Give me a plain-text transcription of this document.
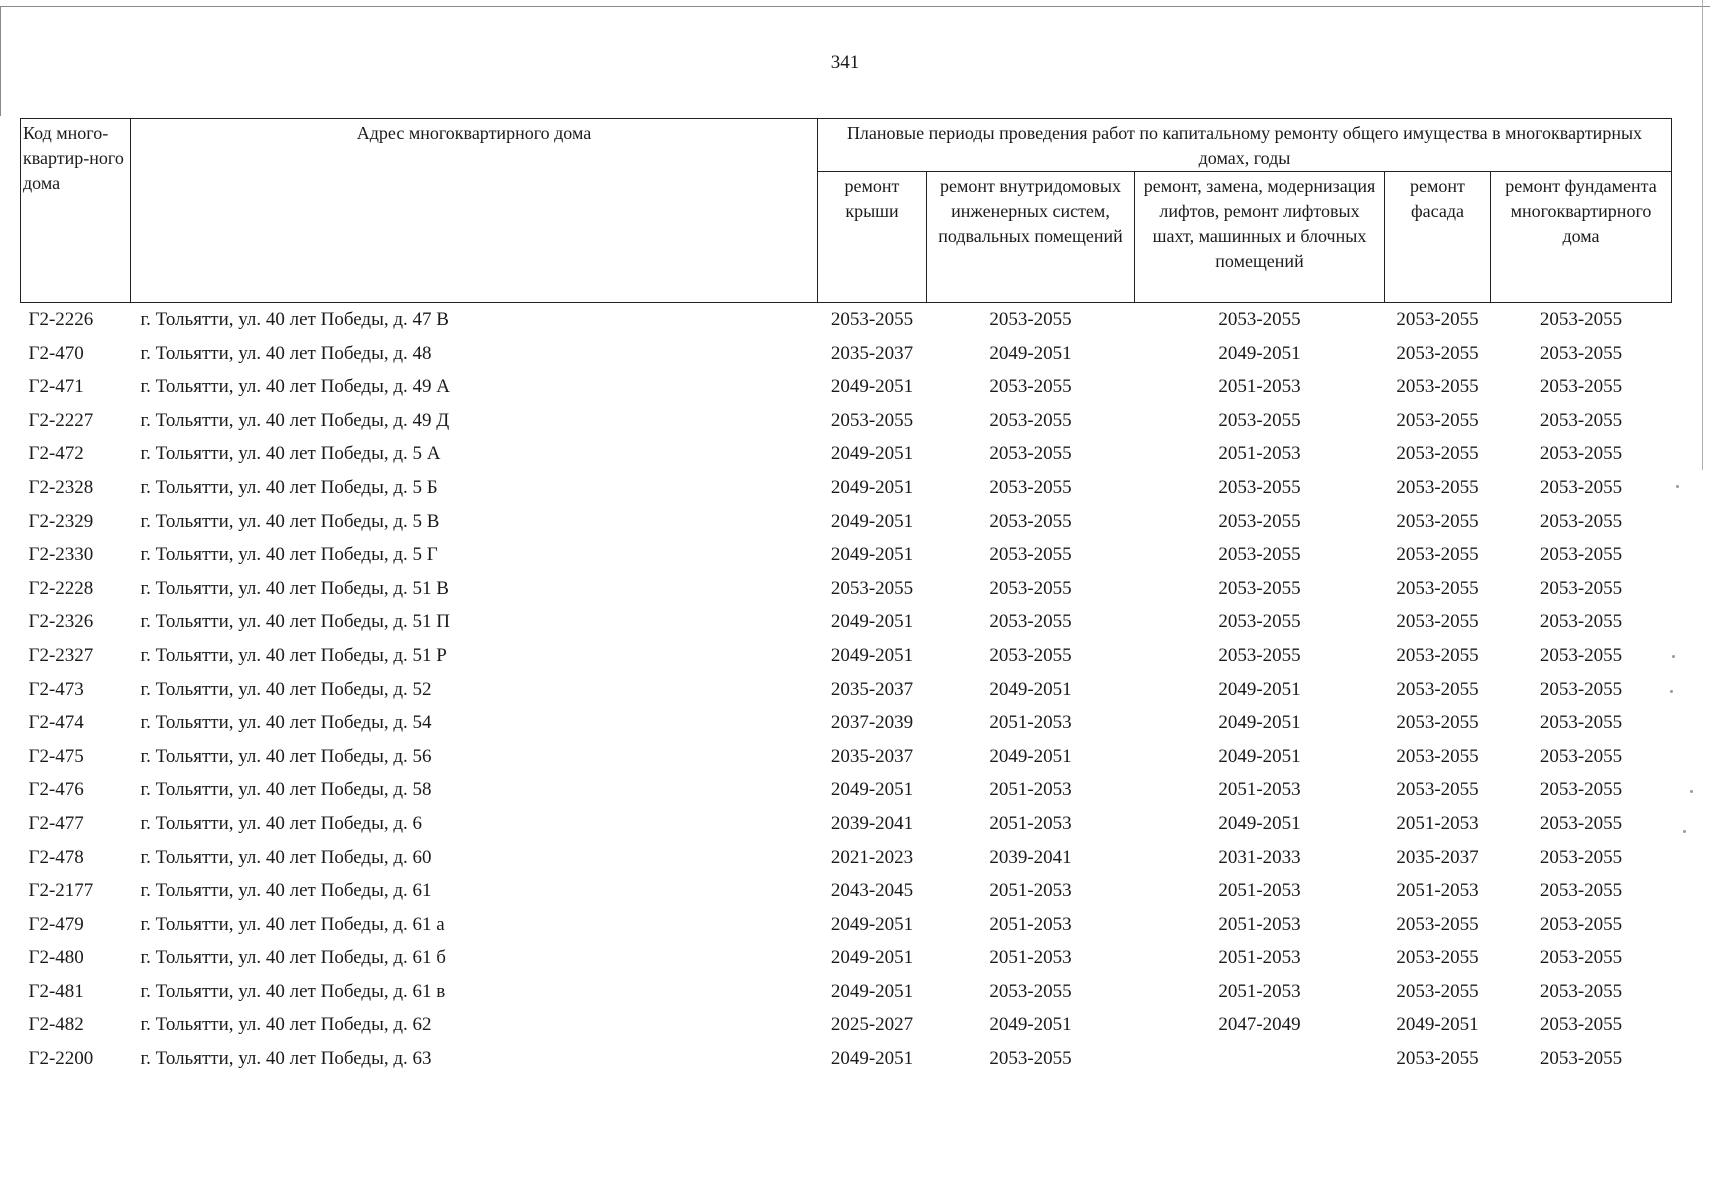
341
Код много-квартир-ного дома	Адрес многоквартирного дома	Плановые периоды проведения работ по капитальному ремонту общего имущества в многоквартирных домах, годы				
		ремонт крыши	ремонт внутридомовых инженерных систем, подвальных помещений	ремонт, замена, модернизация лифтов, ремонт лифтовых шахт, машинных и блочных помещений	ремонт фасада	ремонт фундамента многоквартирного дома
Г2-2226	г. Тольятти, ул. 40 лет Победы, д. 47 В	2053-2055	2053-2055	2053-2055	2053-2055	2053-2055
Г2-470	г. Тольятти, ул. 40 лет Победы, д. 48	2035-2037	2049-2051	2049-2051	2053-2055	2053-2055
Г2-471	г. Тольятти, ул. 40 лет Победы, д. 49 А	2049-2051	2053-2055	2051-2053	2053-2055	2053-2055
Г2-2227	г. Тольятти, ул. 40 лет Победы, д. 49 Д	2053-2055	2053-2055	2053-2055	2053-2055	2053-2055
Г2-472	г. Тольятти, ул. 40 лет Победы, д. 5 А	2049-2051	2053-2055	2051-2053	2053-2055	2053-2055
Г2-2328	г. Тольятти, ул. 40 лет Победы, д. 5 Б	2049-2051	2053-2055	2053-2055	2053-2055	2053-2055
Г2-2329	г. Тольятти, ул. 40 лет Победы, д. 5 В	2049-2051	2053-2055	2053-2055	2053-2055	2053-2055
Г2-2330	г. Тольятти, ул. 40 лет Победы, д. 5 Г	2049-2051	2053-2055	2053-2055	2053-2055	2053-2055
Г2-2228	г. Тольятти, ул. 40 лет Победы, д. 51 В	2053-2055	2053-2055	2053-2055	2053-2055	2053-2055
Г2-2326	г. Тольятти, ул. 40 лет Победы, д. 51 П	2049-2051	2053-2055	2053-2055	2053-2055	2053-2055
Г2-2327	г. Тольятти, ул. 40 лет Победы, д. 51 Р	2049-2051	2053-2055	2053-2055	2053-2055	2053-2055
Г2-473	г. Тольятти, ул. 40 лет Победы, д. 52	2035-2037	2049-2051	2049-2051	2053-2055	2053-2055
Г2-474	г. Тольятти, ул. 40 лет Победы, д. 54	2037-2039	2051-2053	2049-2051	2053-2055	2053-2055
Г2-475	г. Тольятти, ул. 40 лет Победы, д. 56	2035-2037	2049-2051	2049-2051	2053-2055	2053-2055
Г2-476	г. Тольятти, ул. 40 лет Победы, д. 58	2049-2051	2051-2053	2051-2053	2053-2055	2053-2055
Г2-477	г. Тольятти, ул. 40 лет Победы, д. 6	2039-2041	2051-2053	2049-2051	2051-2053	2053-2055
Г2-478	г. Тольятти, ул. 40 лет Победы, д. 60	2021-2023	2039-2041	2031-2033	2035-2037	2053-2055
Г2-2177	г. Тольятти, ул. 40 лет Победы, д. 61	2043-2045	2051-2053	2051-2053	2051-2053	2053-2055
Г2-479	г. Тольятти, ул. 40 лет Победы, д. 61 а	2049-2051	2051-2053	2051-2053	2053-2055	2053-2055
Г2-480	г. Тольятти, ул. 40 лет Победы, д. 61 б	2049-2051	2051-2053	2051-2053	2053-2055	2053-2055
Г2-481	г. Тольятти, ул. 40 лет Победы, д. 61 в	2049-2051	2053-2055	2051-2053	2053-2055	2053-2055
Г2-482	г. Тольятти, ул. 40 лет Победы, д. 62	2025-2027	2049-2051	2047-2049	2049-2051	2053-2055
Г2-2200	г. Тольятти, ул. 40 лет Победы, д. 63	2049-2051	2053-2055		2053-2055	2053-2055
